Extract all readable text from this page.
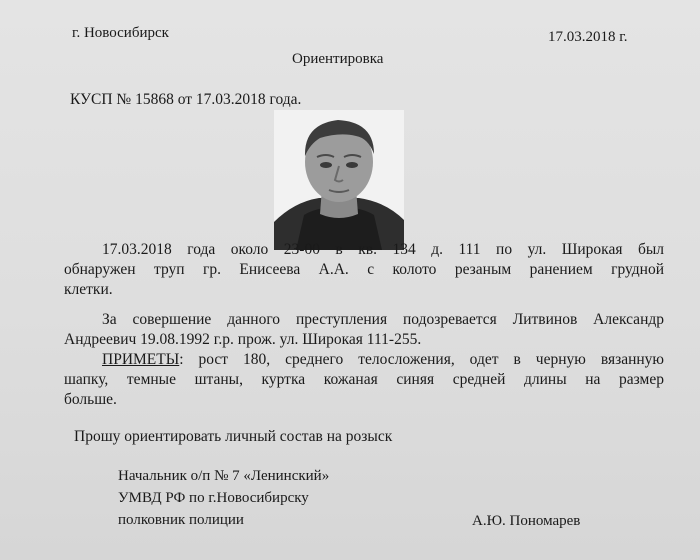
г. Новосибирск	17.03.2018 г.
Ориентировка
КУСП № 15868 от 17.03.2018 года.
17.03.2018 года около 23-00 в кв. 134 д. 111 по ул. Широкая был
обнаружен труп гр. Енисеева А.А. с колото резаным ранением грудной
клетки.
За совершение данного преступления подозревается Литвинов Александр
Андреевич 19.08.1992 г.р. прож. ул. Широкая 111-255.
ПРИМЕТЫ: рост 180, среднего телосложения, одет в черную вязанную
шапку, темные штаны, куртка кожаная синяя средней длины на размер
больше.
Прошу ориентировать личный состав на розыск
Начальник о/п № 7 «Ленинский»
УМВД РФ по г.Новосибирску
полковник полиции	А.Ю. Пономарев
